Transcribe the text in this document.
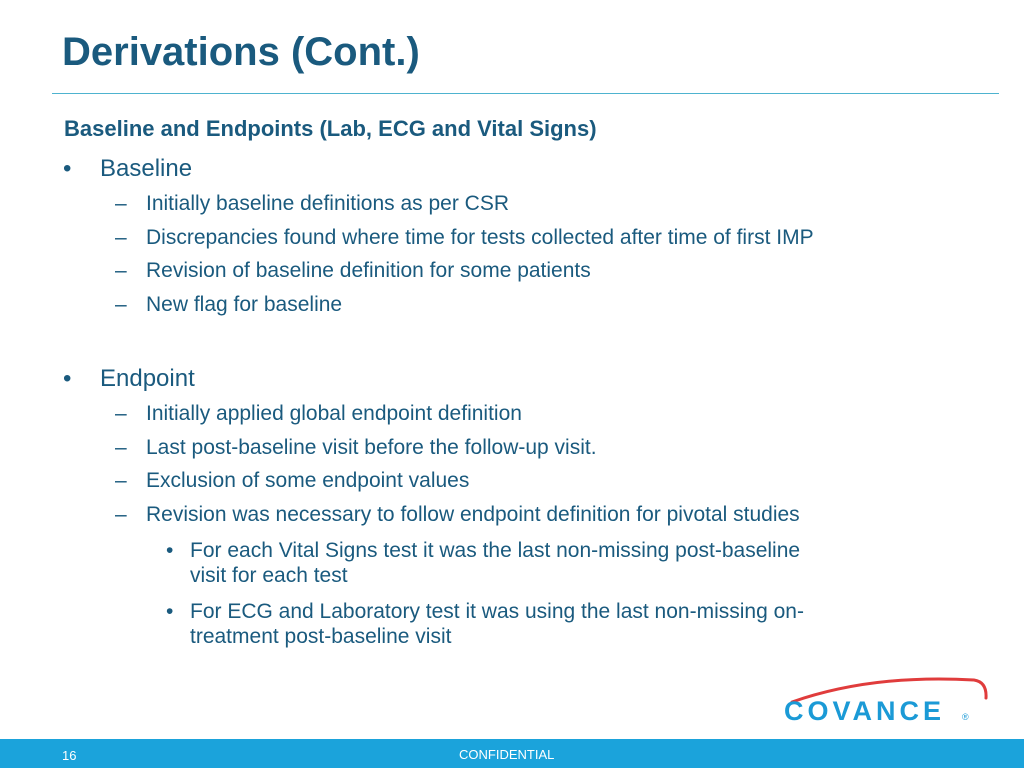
Derivations (Cont.)
Baseline and Endpoints (Lab, ECG and Vital Signs)
• Baseline
– Initially baseline definitions as per CSR
– Discrepancies found where time for tests collected after time of first IMP
– Revision of baseline definition for some patients
– New flag for baseline
• Endpoint
– Initially applied global endpoint definition
– Last post-baseline visit before the follow-up visit.
– Exclusion of some endpoint values
– Revision was necessary to follow endpoint definition for pivotal studies
• For each Vital Signs test it was the last non-missing post-baseline
visit for each test
• For ECG and Laboratory test it was using the last non-missing on-
treatment post-baseline visit
COVANCE ®
16	CONFIDENTIAL
